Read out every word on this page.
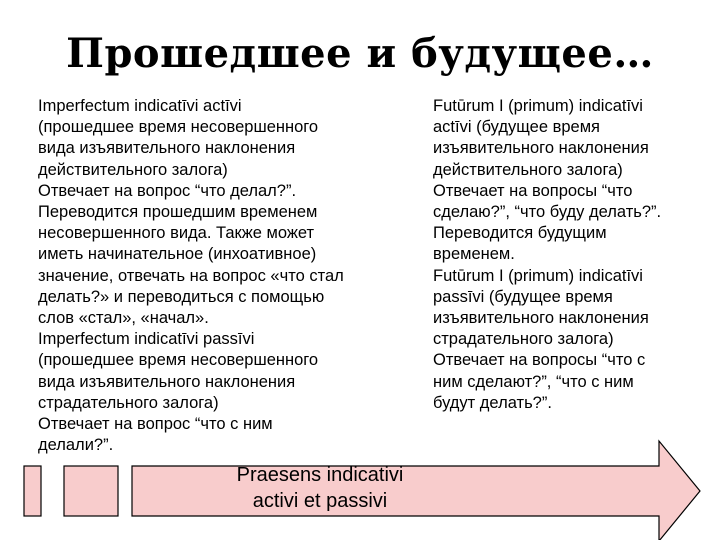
Прошедшее и будущее…
Imperfectum indicatīvi actīvi
(прошедшее время несовершенного
вида изъявительного наклонения
действительного залога)
Отвечает на вопрос “что делал?”.
Переводится прошедшим временем
несовершенного вида. Также может
иметь начинательное (инхоативное)
значение, отвечать на вопрос «что стал
делать?» и переводиться с помощью
слов «стал», «начал».
Imperfectum indicatīvi passīvi
(прошедшее время несовершенного
вида изъявительного наклонения
страдательного залога)
Отвечает на вопрос “что с ним
делали?”.
Futūrum I (primum) indicatīvi
actīvi (будущее время
изъявительного наклонения
действительного залога)
Отвечает на вопросы “что
сделаю?”, “что буду делать?”.
Переводится будущим
временем.
Futūrum I (primum) indicatīvi
passīvi (будущее время
изъявительного наклонения
страдательного залога)
Отвечает на вопросы “что с
ним сделают?”, “что с ним
будут делать?”.
Praesens indicativi
activi et passivi
